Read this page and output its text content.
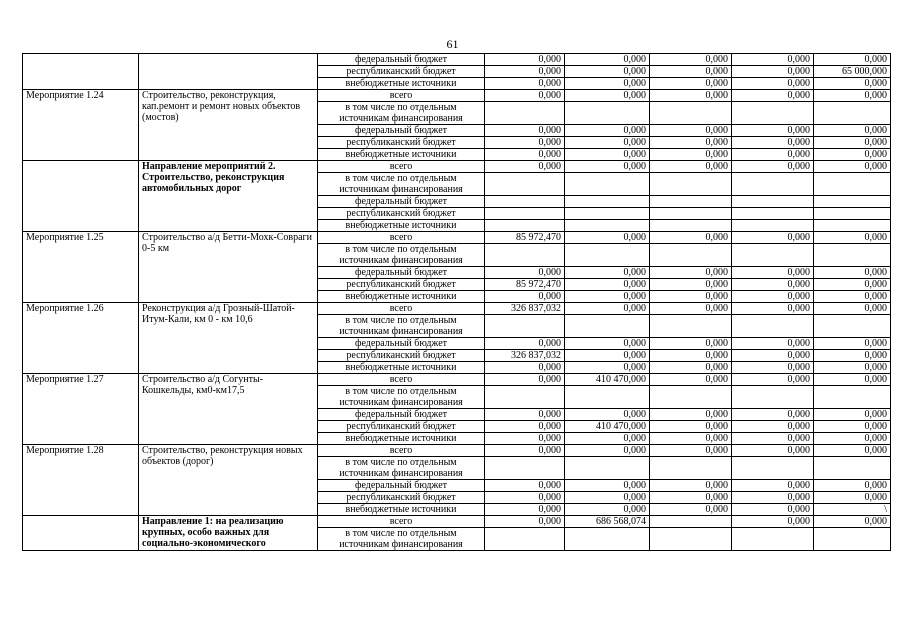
61
		федеральный бюджет	0,000	0,000	0,000	0,000	0,000
		республиканский бюджет	0,000	0,000	0,000	0,000	65 000,000
		внебюджетные источники	0,000	0,000	0,000	0,000	0,000
Мероприятие 1.24	Строительство, реконструкция, кап.ремонт и ремонт новых объектов (мостов)	всего	0,000	0,000	0,000	0,000	0,000
		в том числе по отдельным источникам финансирования					
		федеральный бюджет	0,000	0,000	0,000	0,000	0,000
		республиканский бюджет	0,000	0,000	0,000	0,000	0,000
		внебюджетные источники	0,000	0,000	0,000	0,000	0,000
	Направление мероприятий 2. Строительство, реконструкция автомобильных дорог	всего	0,000	0,000	0,000	0,000	0,000
		в том числе по отдельным источникам финансирования					
		федеральный бюджет					
		республиканский бюджет					
		внебюджетные источники					
Мероприятие 1.25	Строительство а/д Бетти-Мохк-Совраги 0-5 км	всего	85 972,470	0,000	0,000	0,000	0,000
		в том числе по отдельным источникам финансирования					
		федеральный бюджет	0,000	0,000	0,000	0,000	0,000
		республиканский бюджет	85 972,470	0,000	0,000	0,000	0,000
		внебюджетные источники	0,000	0,000	0,000	0,000	0,000
Мероприятие 1.26	Реконструкция а/д Грозный-Шатой-Итум-Кали, км 0 - км 10,6	всего	326 837,032	0,000	0,000	0,000	0,000
		в том числе по отдельным источникам финансирования					
		федеральный бюджет	0,000	0,000	0,000	0,000	0,000
		республиканский бюджет	326 837,032	0,000	0,000	0,000	0,000
		внебюджетные источники	0,000	0,000	0,000	0,000	0,000
Мероприятие 1.27	Строительство а/д Согунты-Кошкельды, км0-км17,5	всего	0,000	410 470,000	0,000	0,000	0,000
		в том числе по отдельным источникам финансирования					
		федеральный бюджет	0,000	0,000	0,000	0,000	0,000
		республиканский бюджет	0,000	410 470,000	0,000	0,000	0,000
		внебюджетные источники	0,000	0,000	0,000	0,000	0,000
Мероприятие 1.28	Строительство, реконструкция новых объектов (дорог)	всего	0,000	0,000	0,000	0,000	0,000
		в том числе по отдельным источникам финансирования					
		федеральный бюджет	0,000	0,000	0,000	0,000	0,000
		республиканский бюджет	0,000	0,000	0,000	0,000	0,000
		внебюджетные источники	0,000	0,000	0,000	0,000	\
	Направление 1: на реализацию крупных, особо важных для социально-экономического	всего	0,000	686 568,074		0,000	0,000
		в том числе по отдельным источникам финансирования					
